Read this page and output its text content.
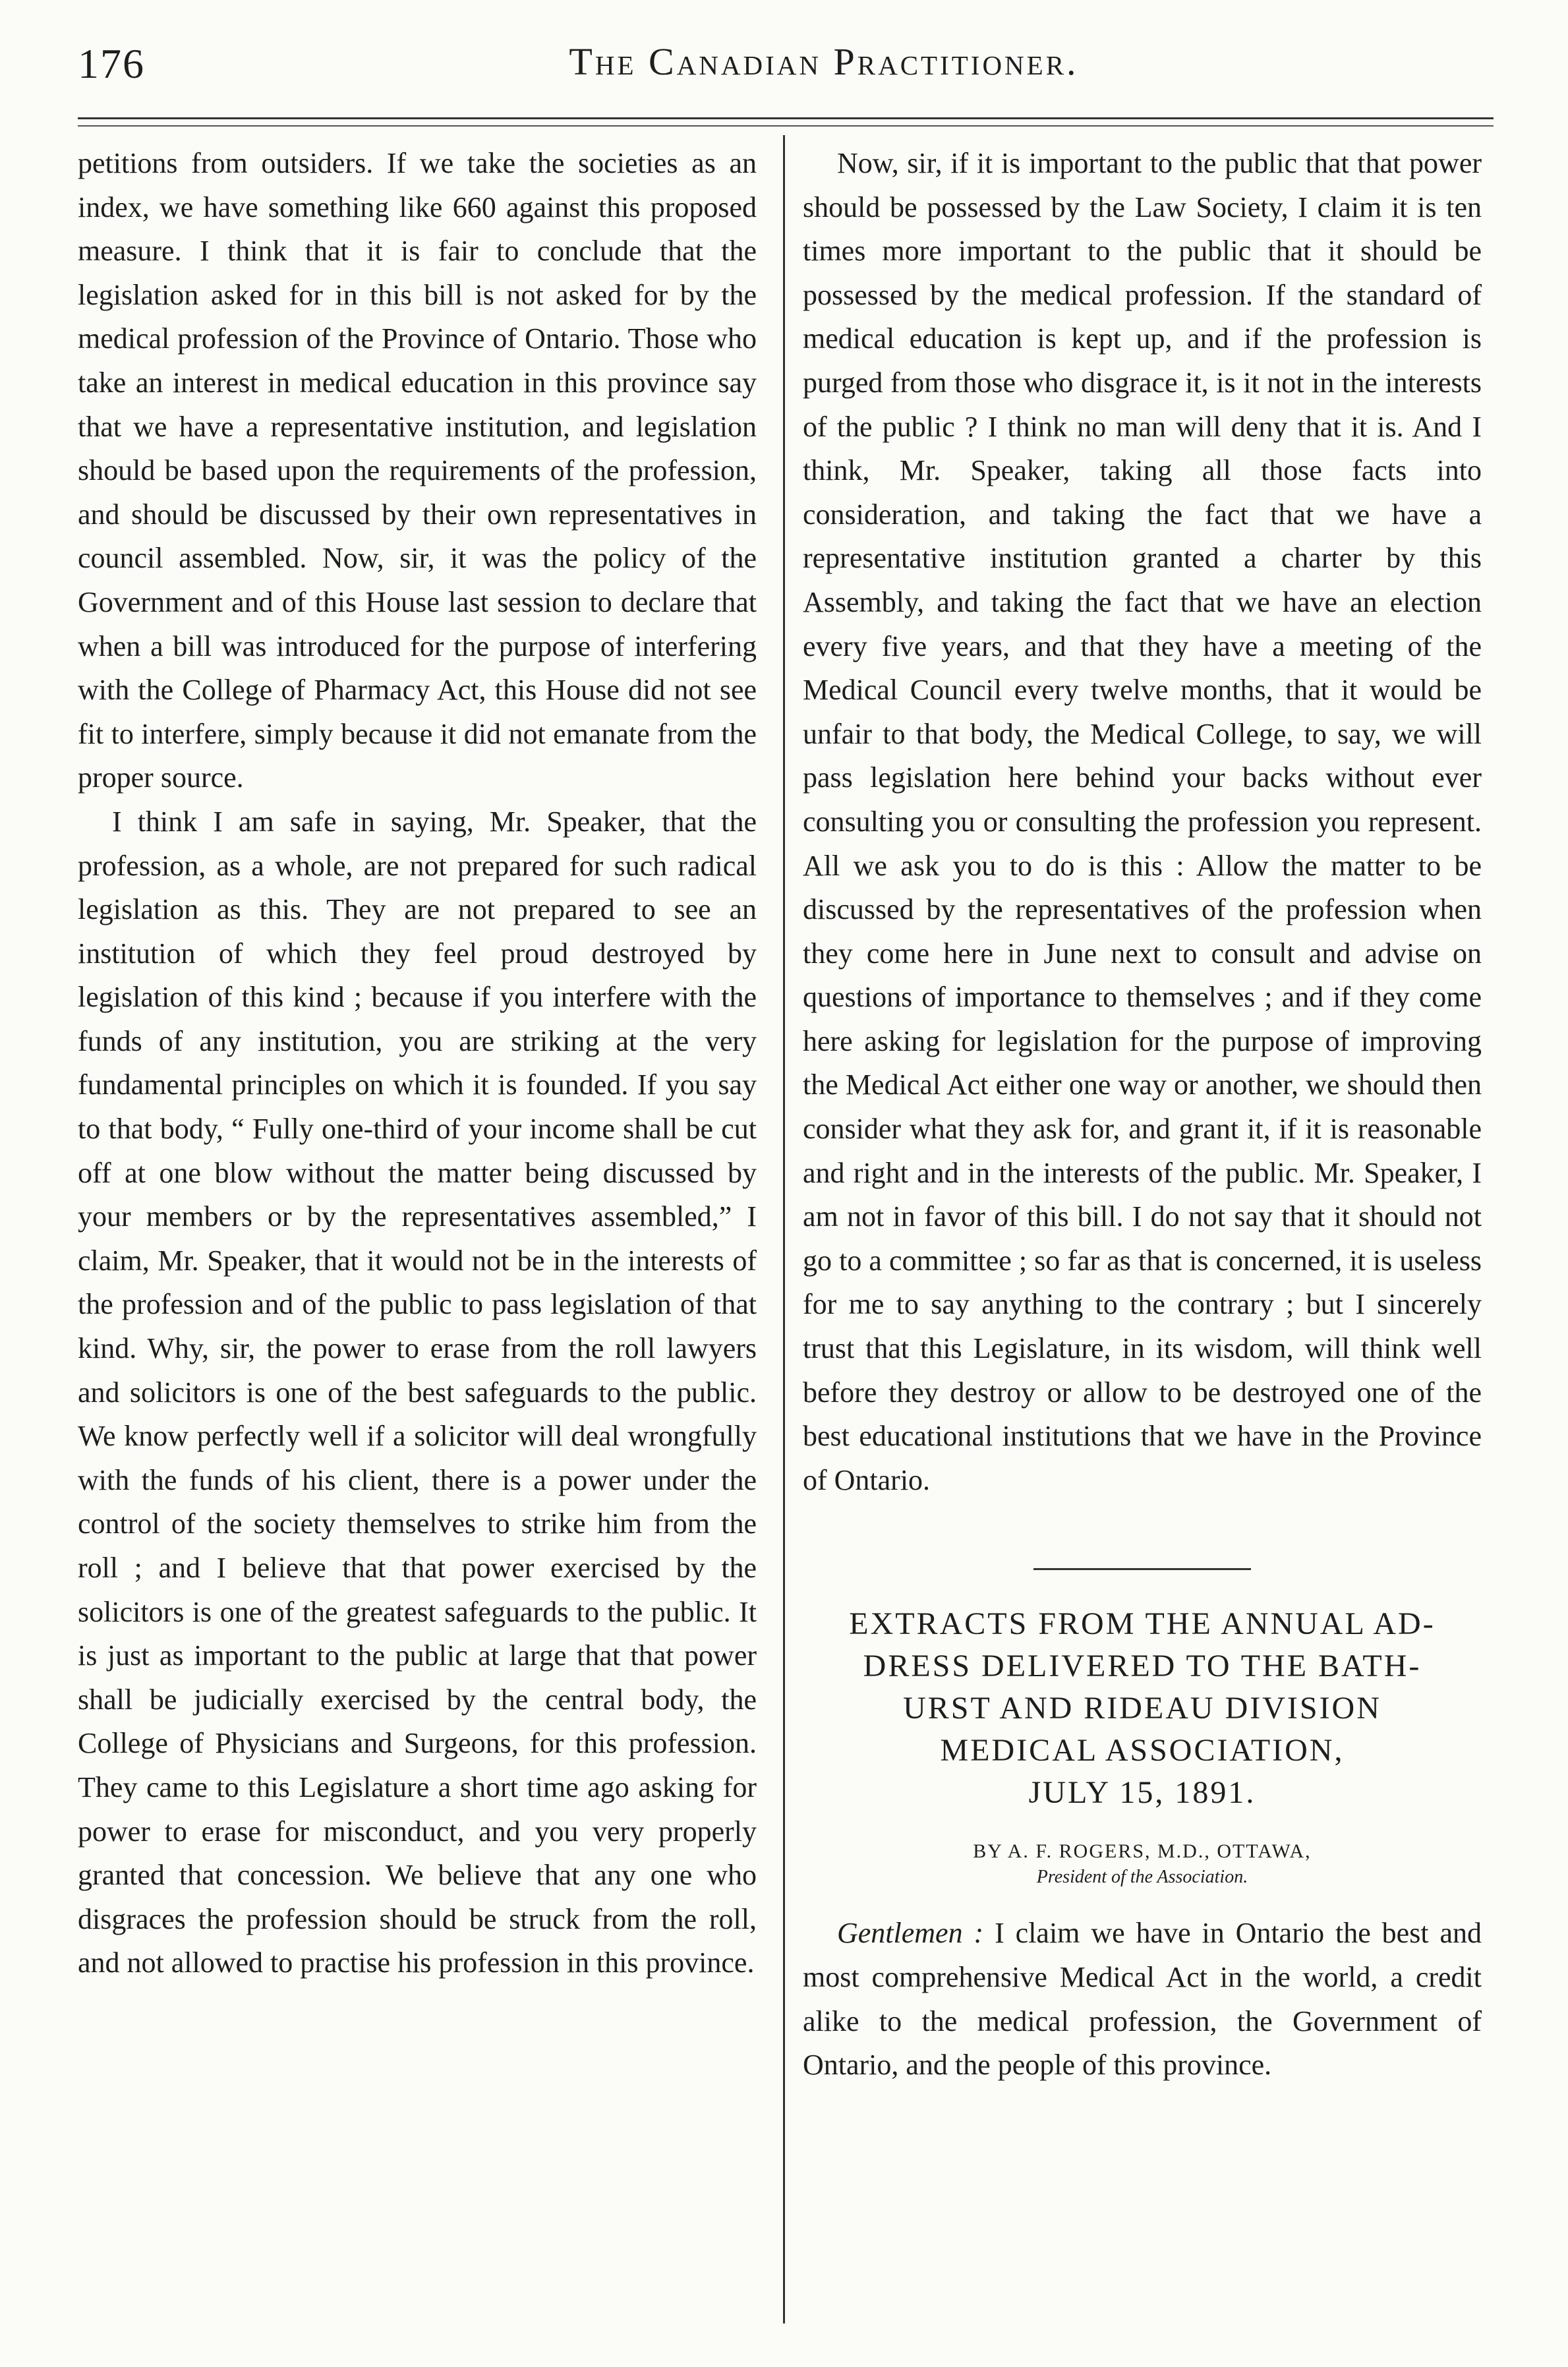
176	The Canadian Practitioner.

petitions from outsiders. If we take the societies as an index, we have something like 660 against this proposed measure. I think that it is fair to conclude that the legislation asked for in this bill is not asked for by the medical profession of the Province of Ontario. Those who take an interest in medical education in this province say that we have a representative institution, and legislation should be based upon the requirements of the profession, and should be discussed by their own representatives in council assembled. Now, sir, it was the policy of the Government and of this House last session to declare that when a bill was introduced for the purpose of interfering with the College of Pharmacy Act, this House did not see fit to interfere, simply because it did not emanate from the proper source.

I think I am safe in saying, Mr. Speaker, that the profession, as a whole, are not prepared for such radical legislation as this. They are not prepared to see an institution of which they feel proud destroyed by legislation of this kind ; because if you interfere with the funds of any institution, you are striking at the very fundamental principles on which it is founded. If you say to that body, “ Fully one-third of your income shall be cut off at one blow without the matter being discussed by your members or by the representatives assembled,” I claim, Mr. Speaker, that it would not be in the interests of the profession and of the public to pass legislation of that kind. Why, sir, the power to erase from the roll lawyers and solicitors is one of the best safeguards to the public. We know perfectly well if a solicitor will deal wrongfully with the funds of his client, there is a power under the control of the society themselves to strike him from the roll ; and I believe that that power exercised by the solicitors is one of the greatest safeguards to the public. It is just as important to the public at large that that power shall be judicially exercised by the central body, the College of Physicians and Surgeons, for this profession. They came to this Legislature a short time ago asking for power to erase for misconduct, and you very properly granted that concession. We believe that any one who disgraces the profession should be struck from the roll, and not allowed to practise his profession in this province.

Now, sir, if it is important to the public that that power should be possessed by the Law Society, I claim it is ten times more important to the public that it should be possessed by the medical profession. If the standard of medical education is kept up, and if the profession is purged from those who disgrace it, is it not in the interests of the public ? I think no man will deny that it is. And I think, Mr. Speaker, taking all those facts into consideration, and taking the fact that we have a representative institution granted a charter by this Assembly, and taking the fact that we have an election every five years, and that they have a meeting of the Medical Council every twelve months, that it would be unfair to that body, the Medical College, to say, we will pass legislation here behind your backs without ever consulting you or consulting the profession you represent. All we ask you to do is this : Allow the matter to be discussed by the representatives of the profession when they come here in June next to consult and advise on questions of importance to themselves ; and if they come here asking for legislation for the purpose of improving the Medical Act either one way or another, we should then consider what they ask for, and grant it, if it is reasonable and right and in the interests of the public. Mr. Speaker, I am not in favor of this bill. I do not say that it should not go to a committee ; so far as that is concerned, it is useless for me to say anything to the contrary ; but I sincerely trust that this Legislature, in its wisdom, will think well before they destroy or allow to be destroyed one of the best educational institutions that we have in the Province of Ontario.

EXTRACTS FROM THE ANNUAL AD-

DRESS DELIVERED TO THE BATH-

URST AND RIDEAU DIVISION

MEDICAL ASSOCIATION,

JULY 15, 1891.

BY A. F. ROGERS, M.D., OTTAWA,

President of the Association.

Gentlemen : I claim we have in Ontario the best and most comprehensive Medical Act in the world, a credit alike to the medical profession, the Government of Ontario, and the people of this province.
